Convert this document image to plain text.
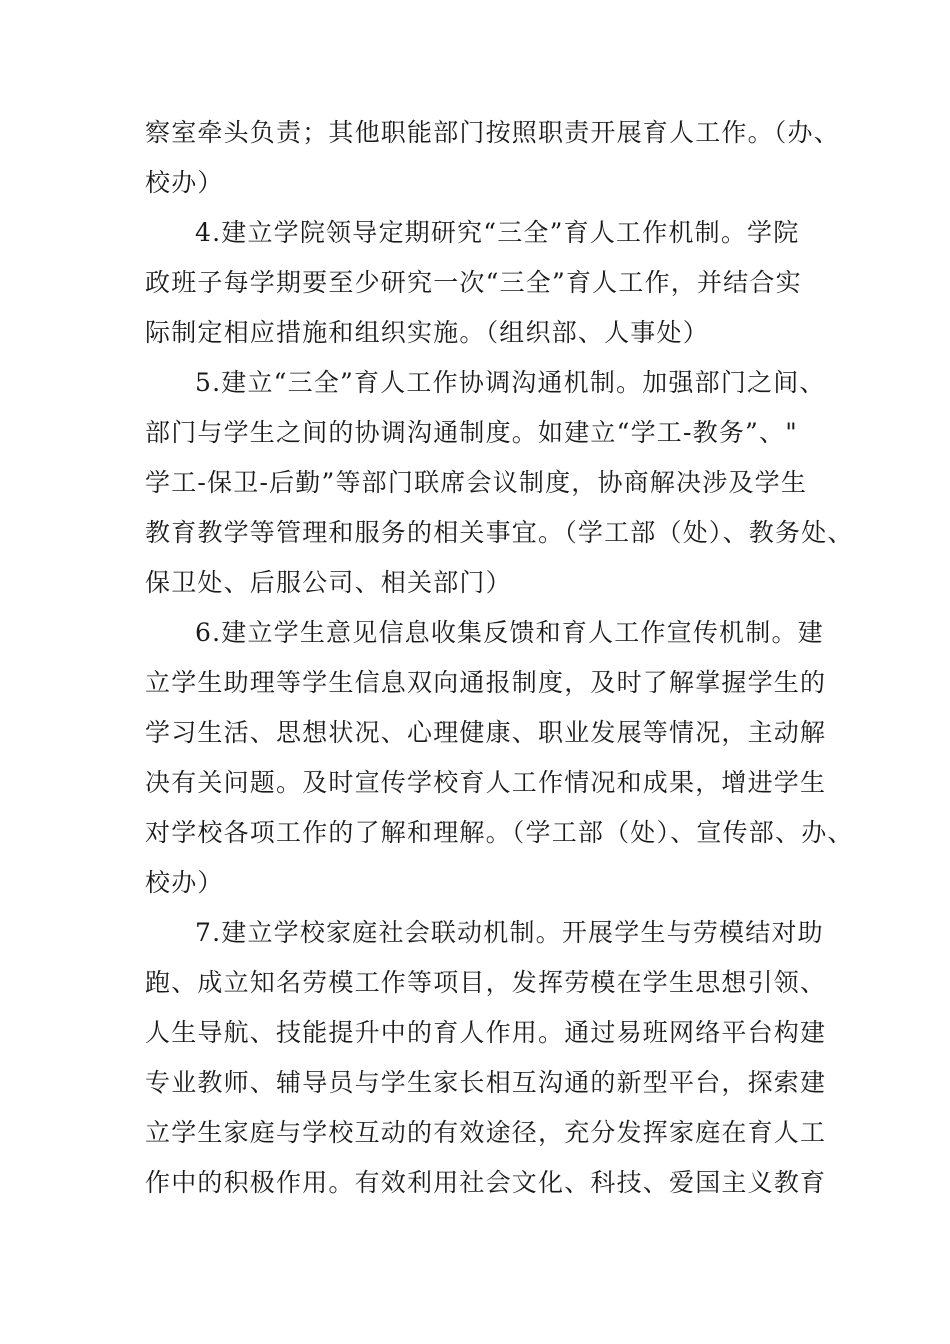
察室牵头负责；其他职能部门按照职责开展育人工作。（办、
校办）
4.建立学院领导定期研究“三全”育人工作机制。学院
政班子每学期要至少研究一次“三全”育人工作，并结合实
际制定相应措施和组织实施。（组织部、人事处）
5.建立“三全”育人工作协调沟通机制。加强部门之间、
部门与学生之间的协调沟通制度。如建立“学工-教务”、"
学工-保卫-后勤”等部门联席会议制度，协商解决涉及学生
教育教学等管理和服务的相关事宜。（学工部（处）、教务处、
保卫处、后服公司、相关部门）
6.建立学生意见信息收集反馈和育人工作宣传机制。建
立学生助理等学生信息双向通报制度，及时了解掌握学生的
学习生活、思想状况、心理健康、职业发展等情况，主动解
决有关问题。及时宣传学校育人工作情况和成果，增进学生
对学校各项工作的了解和理解。（学工部（处）、宣传部、办、
校办）
7.建立学校家庭社会联动机制。开展学生与劳模结对助
跑、成立知名劳模工作等项目，发挥劳模在学生思想引领、
人生导航、技能提升中的育人作用。通过易班网络平台构建
专业教师、辅导员与学生家长相互沟通的新型平台，探索建
立学生家庭与学校互动的有效途径，充分发挥家庭在育人工
作中的积极作用。有效利用社会文化、科技、爱国主义教育
